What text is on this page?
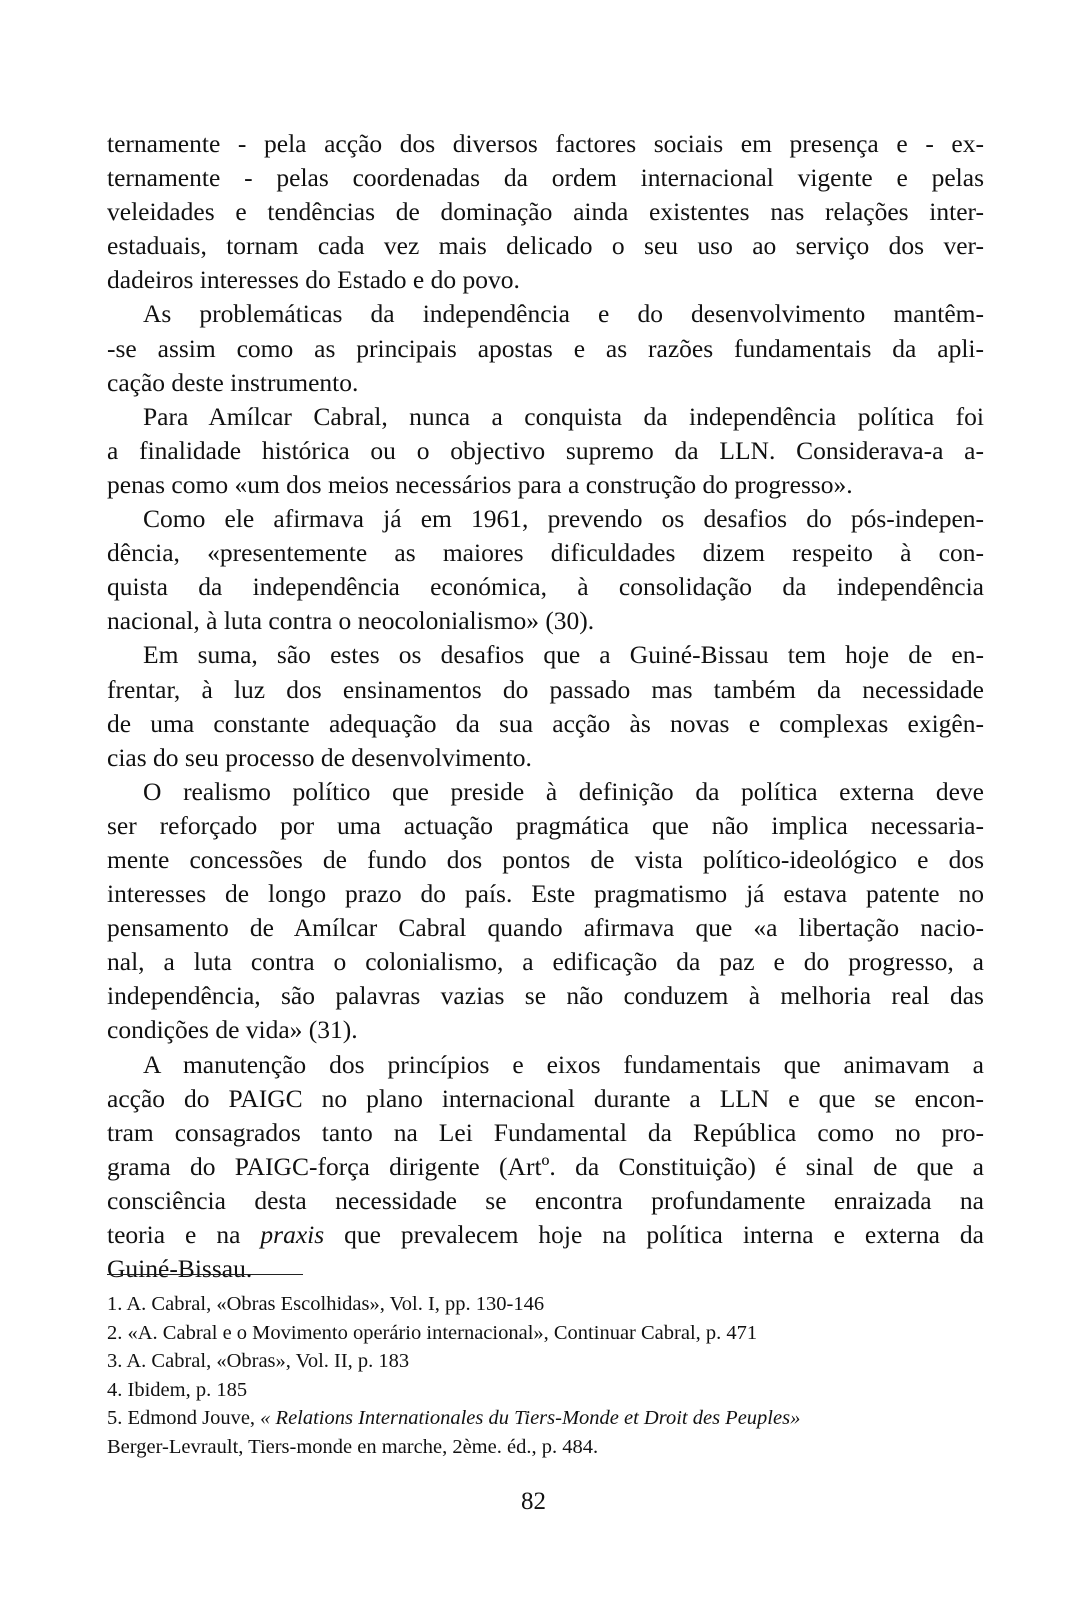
ternamente - pela acção dos diversos factores sociais em presença e - ex-
ternamente - pelas coordenadas da ordem internacional vigente e pelas
veleidades e tendências de dominação ainda existentes nas relações inter-
estaduais, tornam cada vez mais delicado o seu uso ao serviço dos ver-
dadeiros interesses do Estado e do povo.
As problemáticas da independência e do desenvolvimento mantêm-
-se assim como as principais apostas e as razões fundamentais da apli-
cação deste instrumento.
Para Amílcar Cabral, nunca a conquista da independência política foi
a finalidade histórica ou o objectivo supremo da LLN. Considerava-a a-
penas como «um dos meios necessários para a construção do progresso».
Como ele afirmava já em 1961, prevendo os desafios do pós-indepen-
dência, «presentemente as maiores dificuldades dizem respeito à con-
quista da independência económica, à consolidação da independência
nacional, à luta contra o neocolonialismo» (30).
Em suma, são estes os desafios que a Guiné-Bissau tem hoje de en-
frentar, à luz dos ensinamentos do passado mas também da necessidade
de uma constante adequação da sua acção às novas e complexas exigên-
cias do seu processo de desenvolvimento.
O realismo político que preside à definição da política externa deve
ser reforçado por uma actuação pragmática que não implica necessaria-
mente concessões de fundo dos pontos de vista político-ideológico e dos
interesses de longo prazo do país. Este pragmatismo já estava patente no
pensamento de Amílcar Cabral quando afirmava que «a libertação nacio-
nal, a luta contra o colonialismo, a edificação da paz e do progresso, a
independência, são palavras vazias se não conduzem à melhoria real das
condições de vida» (31).
A manutenção dos princípios e eixos fundamentais que animavam a
acção do PAIGC no plano internacional durante a LLN e que se encon-
tram consagrados tanto na Lei Fundamental da República como no pro-
grama do PAIGC-força dirigente (Artº. da Constituição) é sinal de que a
consciência desta necessidade se encontra profundamente enraizada na
teoria e na praxis que prevalecem hoje na política interna e externa da
Guiné-Bissau.
1. A. Cabral, «Obras Escolhidas», Vol. I, pp. 130-146
2. «A. Cabral e o Movimento operário internacional», Continuar Cabral, p. 471
3. A. Cabral, «Obras», Vol. II, p. 183
4. Ibidem, p. 185
5. Edmond Jouve, « Relations Internationales du Tiers-Monde et Droit des Peuples»
Berger-Levrault, Tiers-monde en marche, 2ème. éd., p. 484.
82
